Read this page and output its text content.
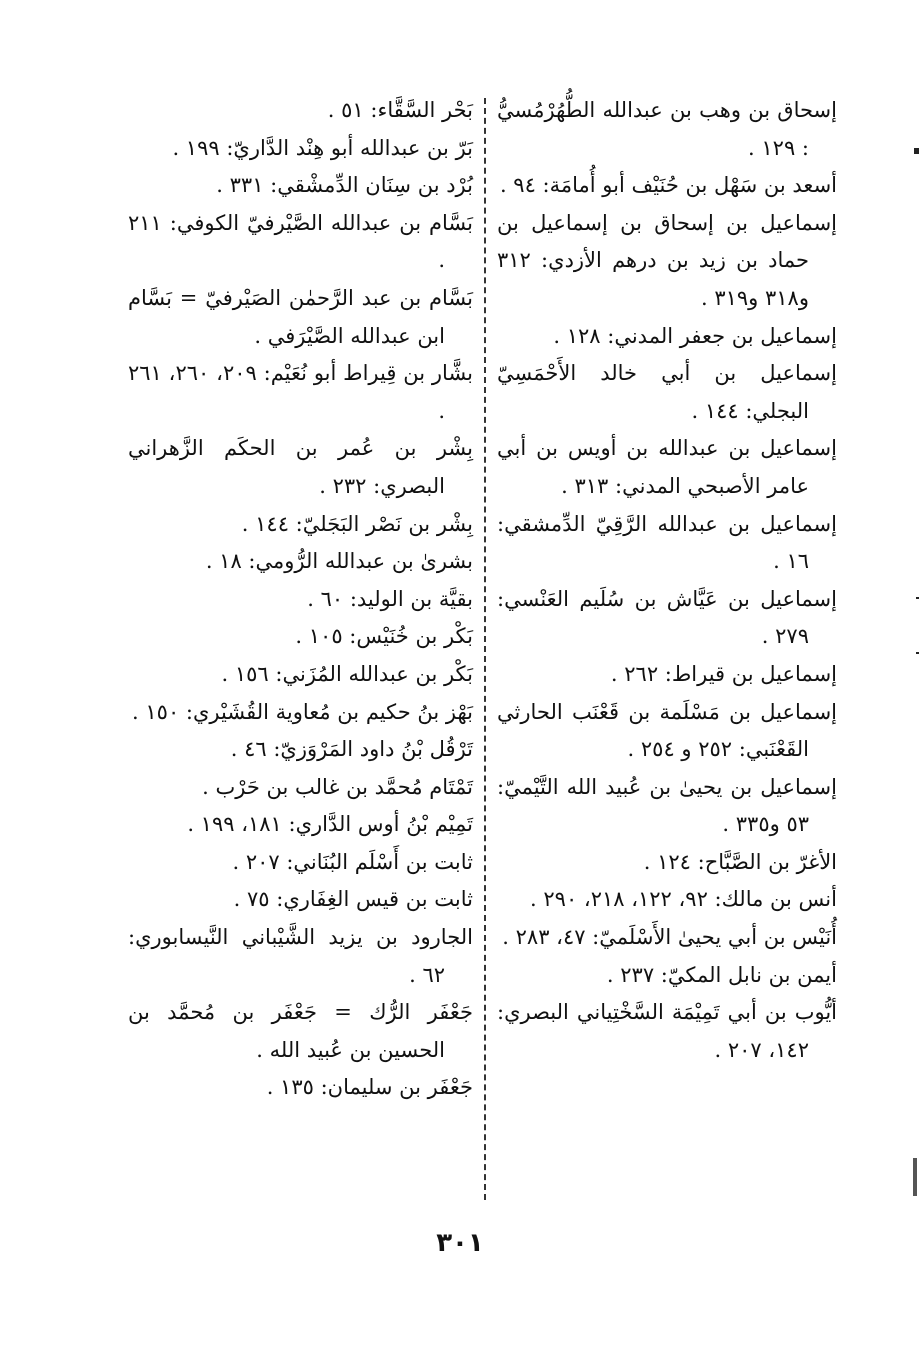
إسحاق بن وهب بن عبدالله الطُّهُرْمُسيُّ : ١٢٩ .

أسعد بن سَهْل بن حُنَيْف أبو أُمامَة: ٩٤ .

إسماعيل بن إسحاق بن إسماعيل بن حماد بن زيد بن درهم الأزدي: ٣١٢ و٣١٨ و٣١٩ .

إسماعيل بن جعفر المدني: ١٢٨ .

إسماعيل بن أبي خالد الأَحْمَسِيّ البجلي: ١٤٤ .

إسماعيل بن عبدالله بن أويس بن أبي عامر الأصبحي المدني: ٣١٣ .

إسماعيل بن عبدالله الرَّقِيّ الدِّمشقي: ١٦ .

إسماعيل بن عَيَّاش بن سُلَيم العَنْسي: ٢٧٩ .

إسماعيل بن قيراط: ٢٦٢ .

إسماعيل بن مَسْلَمة بن قَعْنَب الحارثي القَعْنَبي: ٢٥٢ و ٢٥٤ .

إسماعيل بن يحيىٰ بن عُبيد الله التَّيْميّ: ٥٣ و٣٣٥ .

الأغرّ بن الصَّبَّاح: ١٢٤ .

أنس بن مالك: ٩٢، ١٢٢، ٢١٨، ٢٩٠ .

أُنَيْس بن أبي يحيىٰ الأَسْلَميّ: ٤٧، ٢٨٣ .

أيمن بن نابل المكيّ: ٢٣٧ .

أيُّوب بن أبي تَمِيْمَة السَّخْتِياني البصري: ١٤٢، ٢٠٧ .

بَحْر السَّقَّاء: ٥١ .

بَرّ بن عبدالله أبو هِنْد الدَّاريّ: ١٩٩ .

بُرْد بن سِنَان الدِّمشْقي: ٣٣١ .

بَسَّام بن عبدالله الصَّيْرفيّ الكوفي: ٢١١ .

بَسَّام بن عبد الرَّحمٰن الصَيْرفيّ = بَسَّام ابن عبدالله الصَّيْرَفي .

بشَّار بن قِيراط أبو نُعَيْم: ٢٠٩، ٢٦٠، ٢٦١ .

بِشْر بن عُمر بن الحكَم الزَّهراني البصري: ٢٣٢ .

بِشْر بن نَصْر البَجَليّ: ١٤٤ .

بشرىٰ بن عبدالله الرُّومي: ١٨ .

بقيَّة بن الوليد: ٦٠ .

بَكْر بن خُنَيْس: ١٠٥ .

بَكْر بن عبدالله المُزَني: ١٥٦ .

بَهْز بنُ حكيم بن مُعاوية القُشَيْري: ١٥٠ .

تَرْقُل بْنُ داود المَرْوَزيّ: ٤٦ .

تَمْتَام مُحمَّد بن غالب بن حَرْب .

تَمِيْم بْنُ أوس الدَّاري: ١٨١، ١٩٩ .

ثابت بن أَسْلَم البُنَاني: ٢٠٧ .

ثابت بن قيس الغِفَاري: ٧٥ .

الجارود بن يزيد الشَّيْباني النَّيسابوري: ٦٢ .

جَعْفَر الرُّك = جَعْفَر بن مُحمَّد بن الحسين بن عُبيد الله .

جَعْفَر بن سليمان: ١٣٥ .

٣٠١
